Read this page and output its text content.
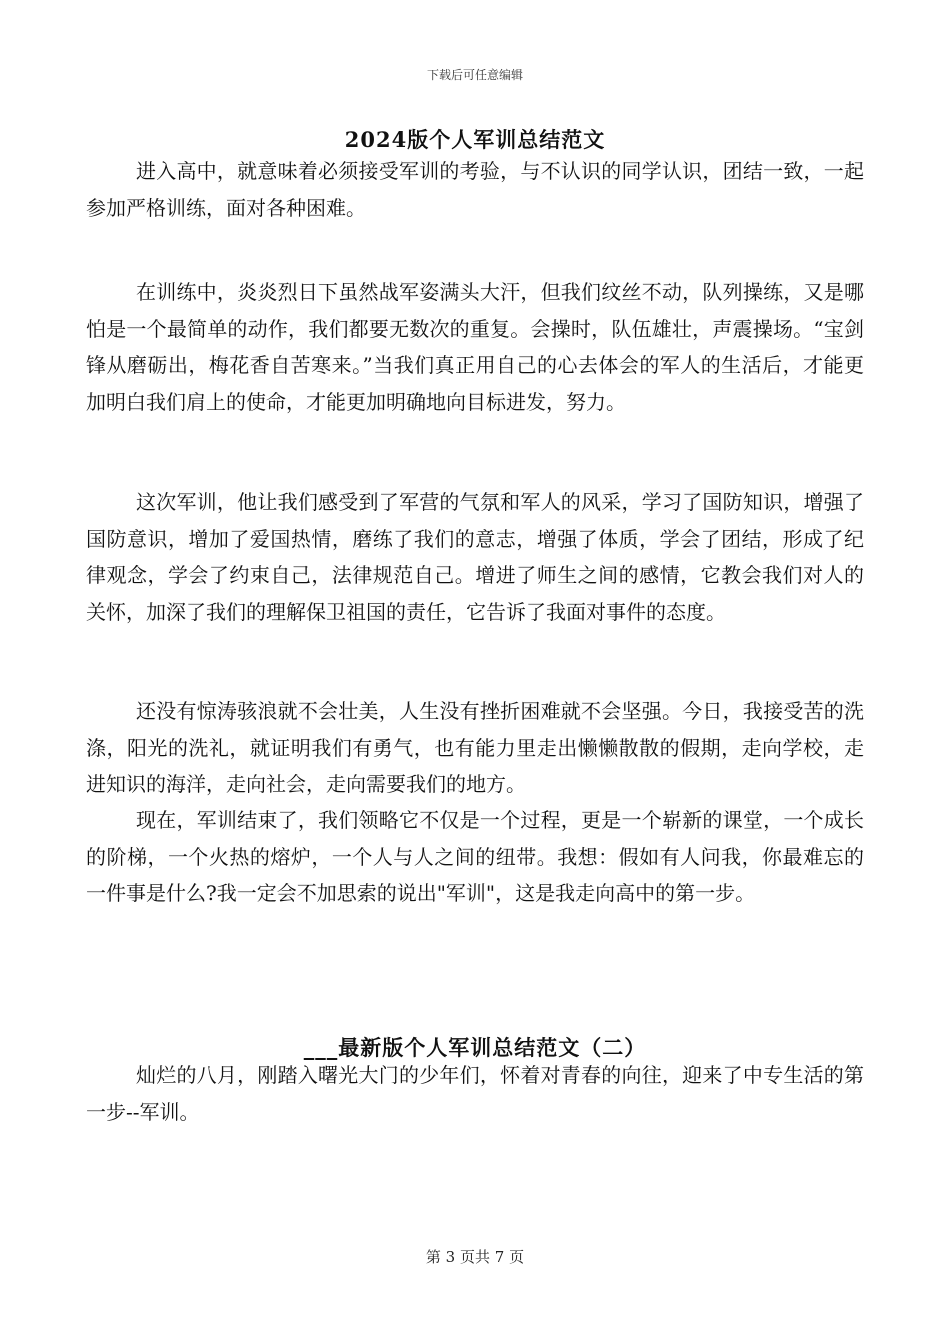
下载后可任意编辑
2024版个人军训总结范文

进入高中，就意味着必须接受军训的考验，与不认识的同学认识，团结一致，一起参加严格训练，面对各种困难。

在训练中，炎炎烈日下虽然战军姿满头大汗，但我们纹丝不动，队列操练，又是哪怕是一个最简单的动作，我们都要无数次的重复。会操时，队伍雄壮，声震操场。“宝剑锋从磨砺出，梅花香自苦寒来。”当我们真正用自己的心去体会的军人的生活后，才能更加明白我们肩上的使命，才能更加明确地向目标进发，努力。

这次军训，他让我们感受到了军营的气氛和军人的风采，学习了国防知识，增强了国防意识，增加了爱国热情，磨练了我们的意志，增强了体质，学会了团结，形成了纪律观念，学会了约束自己，法律规范自己。增进了师生之间的感情，它教会我们对人的关怀，加深了我们的理解保卫祖国的责任，它告诉了我面对事件的态度。

还没有惊涛骇浪就不会壮美，人生没有挫折困难就不会坚强。今日，我接受苦的洗涤，阳光的洗礼，就证明我们有勇气，也有能力里走出懒懒散散的假期，走向学校，走进知识的海洋，走向社会，走向需要我们的地方。

现在，军训结束了，我们领略它不仅是一个过程，更是一个崭新的课堂，一个成长的阶梯，一个火热的熔炉，一个人与人之间的纽带。我想：假如有人问我，你最难忘的一件事是什么?我一定会不加思索的说出"军训"，这是我走向高中的第一步。

___最新版个人军训总结范文（二）

灿烂的八月，刚踏入曙光大门的少年们，怀着对青春的向往，迎来了中专生活的第一步--军训。

第 3 页共 7 页
